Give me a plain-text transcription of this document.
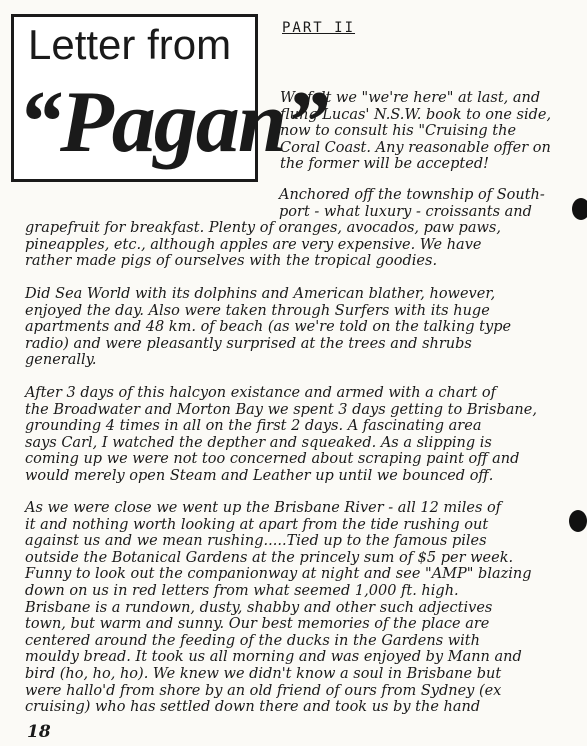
Letter from
“Pagan”
PART II
We felt we "we're here" at last, and
flung Lucas' N.S.W. book to one side,
now to consult his "Cruising the
Coral Coast. Any reasonable offer on
the former will be accepted!
Anchored off the township of South-
port - what luxury - croissants and
grapefruit for breakfast. Plenty of oranges, avocados, paw paws,
pineapples, etc., although apples are very expensive. We have
rather made pigs of ourselves with the tropical goodies.
Did Sea World with its dolphins and American blather, however,
enjoyed the day. Also were taken through Surfers with its huge
apartments and 48 km. of beach (as we're told on the talking type
radio) and were pleasantly surprised at the trees and shrubs
generally.
After 3 days of this halcyon existance and armed with a chart of
the Broadwater and Morton Bay we spent 3 days getting to Brisbane,
grounding 4 times in all on the first 2 days. A fascinating area
says Carl, I watched the depther and squeaked. As a slipping is
coming up we were not too concerned about scraping paint off and
would merely open Steam and Leather up until we bounced off.
As we were close we went up the Brisbane River - all 12 miles of
it and nothing worth looking at apart from the tide rushing out
against us and we mean rushing.....Tied up to the famous piles
outside the Botanical Gardens at the princely sum of $5 per week.
Funny to look out the companionway at night and see "AMP" blazing
down on us in red letters from what seemed 1,000 ft. high.
Brisbane is a rundown, dusty, shabby and other such adjectives
town, but warm and sunny. Our best memories of the place are
centered around the feeding of the ducks in the Gardens with
mouldy bread. It took us all morning and was enjoyed by Mann and
bird (ho, ho, ho). We knew we didn't know a soul in Brisbane but
were hallo'd from shore by an old friend of ours from Sydney (ex
cruising) who has settled down there and took us by the hand
18
